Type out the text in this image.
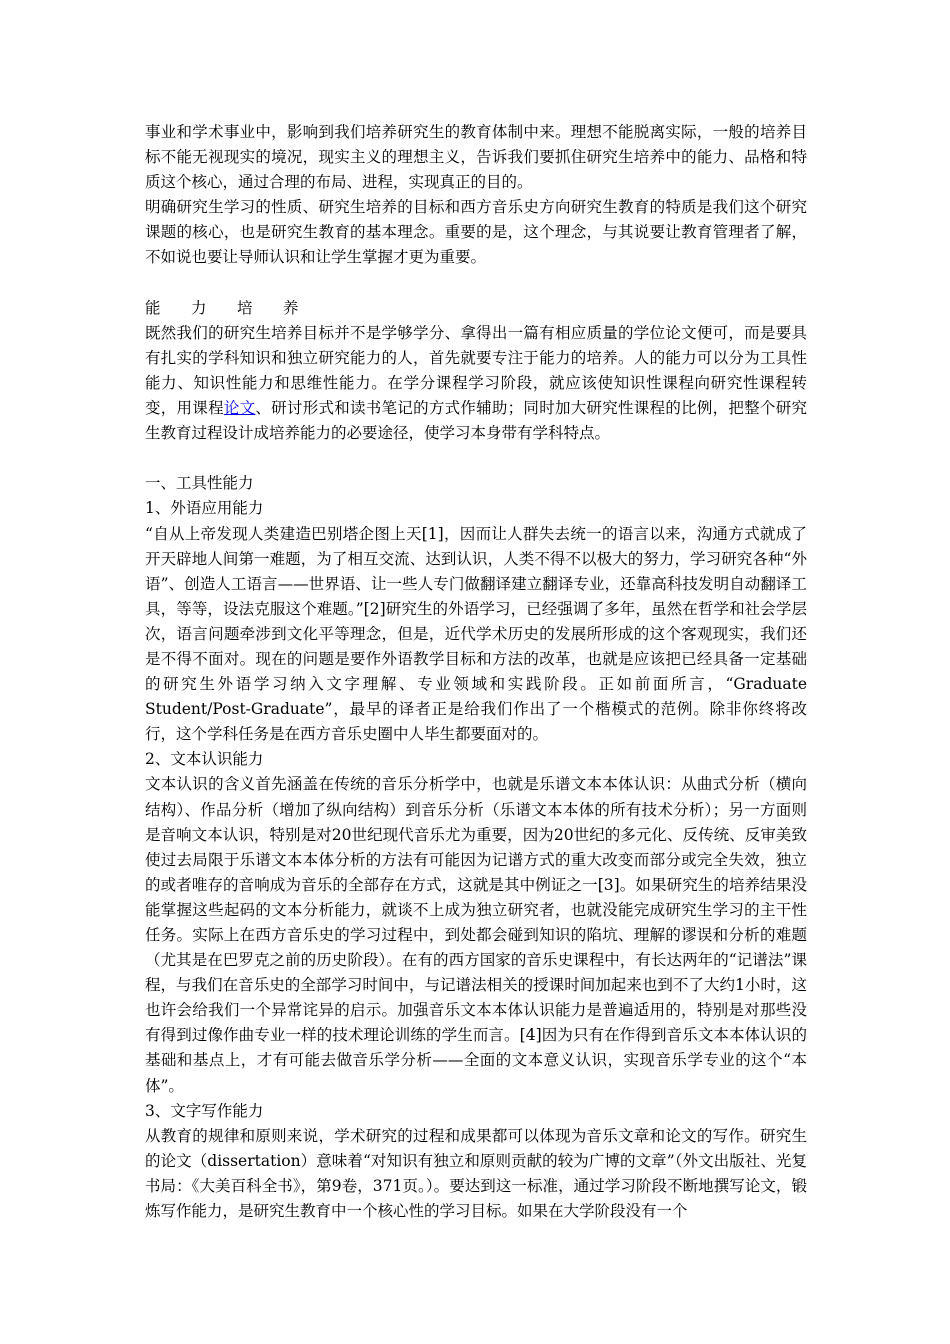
事业和学术事业中，影响到我们培养研究生的教育体制中来。理想不能脱离实际，一般的培养目标不能无视现实的境况，现实主义的理想主义，告诉我们要抓住研究生培养中的能力、品格和特质这个核心，通过合理的布局、进程，实现真正的目的。

明确研究生学习的性质、研究生培养的目标和西方音乐史方向研究生教育的特质是我们这个研究课题的核心，也是研究生教育的基本理念。重要的是，这个理念，与其说要让教育管理者了解，不如说也要让导师认识和让学生掌握才更为重要。

能 力 培 养

既然我们的研究生培养目标并不是学够学分、拿得出一篇有相应质量的学位论文便可，而是要具有扎实的学科知识和独立研究能力的人，首先就要专注于能力的培养。人的能力可以分为工具性能力、知识性能力和思维性能力。在学分课程学习阶段，就应该使知识性课程向研究性课程转变，用课程论文、研讨形式和读书笔记的方式作辅助；同时加大研究性课程的比例，把整个研究生教育过程设计成培养能力的必要途径，使学习本身带有学科特点。

一、工具性能力

1、外语应用能力

“自从上帝发现人类建造巴别塔企图上天[1]，因而让人群失去统一的语言以来，沟通方式就成了开天辟地人间第一难题，为了相互交流、达到认识，人类不得不以极大的努力，学习研究各种“外语”、创造人工语言——世界语、让一些人专门做翻译建立翻译专业，还靠高科技发明自动翻译工具，等等，设法克服这个难题。”[2]研究生的外语学习，已经强调了多年，虽然在哲学和社会学层次，语言问题牵涉到文化平等理念，但是，近代学术历史的发展所形成的这个客观现实，我们还是不得不面对。现在的问题是要作外语教学目标和方法的改革，也就是应该把已经具备一定基础的研究生外语学习纳入文字理解、专业领域和实践阶段。正如前面所言，“Graduate Student/Post-Graduate”，最早的译者正是给我们作出了一个楷模式的范例。除非你终将改行，这个学科任务是在西方音乐史圈中人毕生都要面对的。

2、文本认识能力

文本认识的含义首先涵盖在传统的音乐分析学中，也就是乐谱文本本体认识：从曲式分析（横向结构）、作品分析（增加了纵向结构）到音乐分析（乐谱文本本体的所有技术分析）；另一方面则是音响文本认识，特别是对20世纪现代音乐尤为重要，因为20世纪的多元化、反传统、反审美致使过去局限于乐谱文本本体分析的方法有可能因为记谱方式的重大改变而部分或完全失效，独立的或者唯存的音响成为音乐的全部存在方式，这就是其中例证之一[3]。如果研究生的培养结果没能掌握这些起码的文本分析能力，就谈不上成为独立研究者，也就没能完成研究生学习的主干性任务。实际上在西方音乐史的学习过程中，到处都会碰到知识的陷坑、理解的谬误和分析的难题（尤其是在巴罗克之前的历史阶段）。在有的西方国家的音乐史课程中，有长达两年的“记谱法”课程，与我们在音乐史的全部学习时间中，与记谱法相关的授课时间加起来也到不了大约1小时，这也许会给我们一个异常诧异的启示。加强音乐文本本体认识能力是普遍适用的，特别是对那些没有得到过像作曲专业一样的技术理论训练的学生而言。[4]因为只有在作得到音乐文本本体认识的基础和基点上，才有可能去做音乐学分析——全面的文本意义认识，实现音乐学专业的这个“本体”。

3、文字写作能力

从教育的规律和原则来说，学术研究的过程和成果都可以体现为音乐文章和论文的写作。研究生的论文（dissertation）意味着“对知识有独立和原则贡献的较为广博的文章”（外文出版社、光复书局：《大美百科全书》，第9卷，371页。）。要达到这一标准，通过学习阶段不断地撰写论文，锻炼写作能力，是研究生教育中一个核心性的学习目标。如果在大学阶段没有一个
